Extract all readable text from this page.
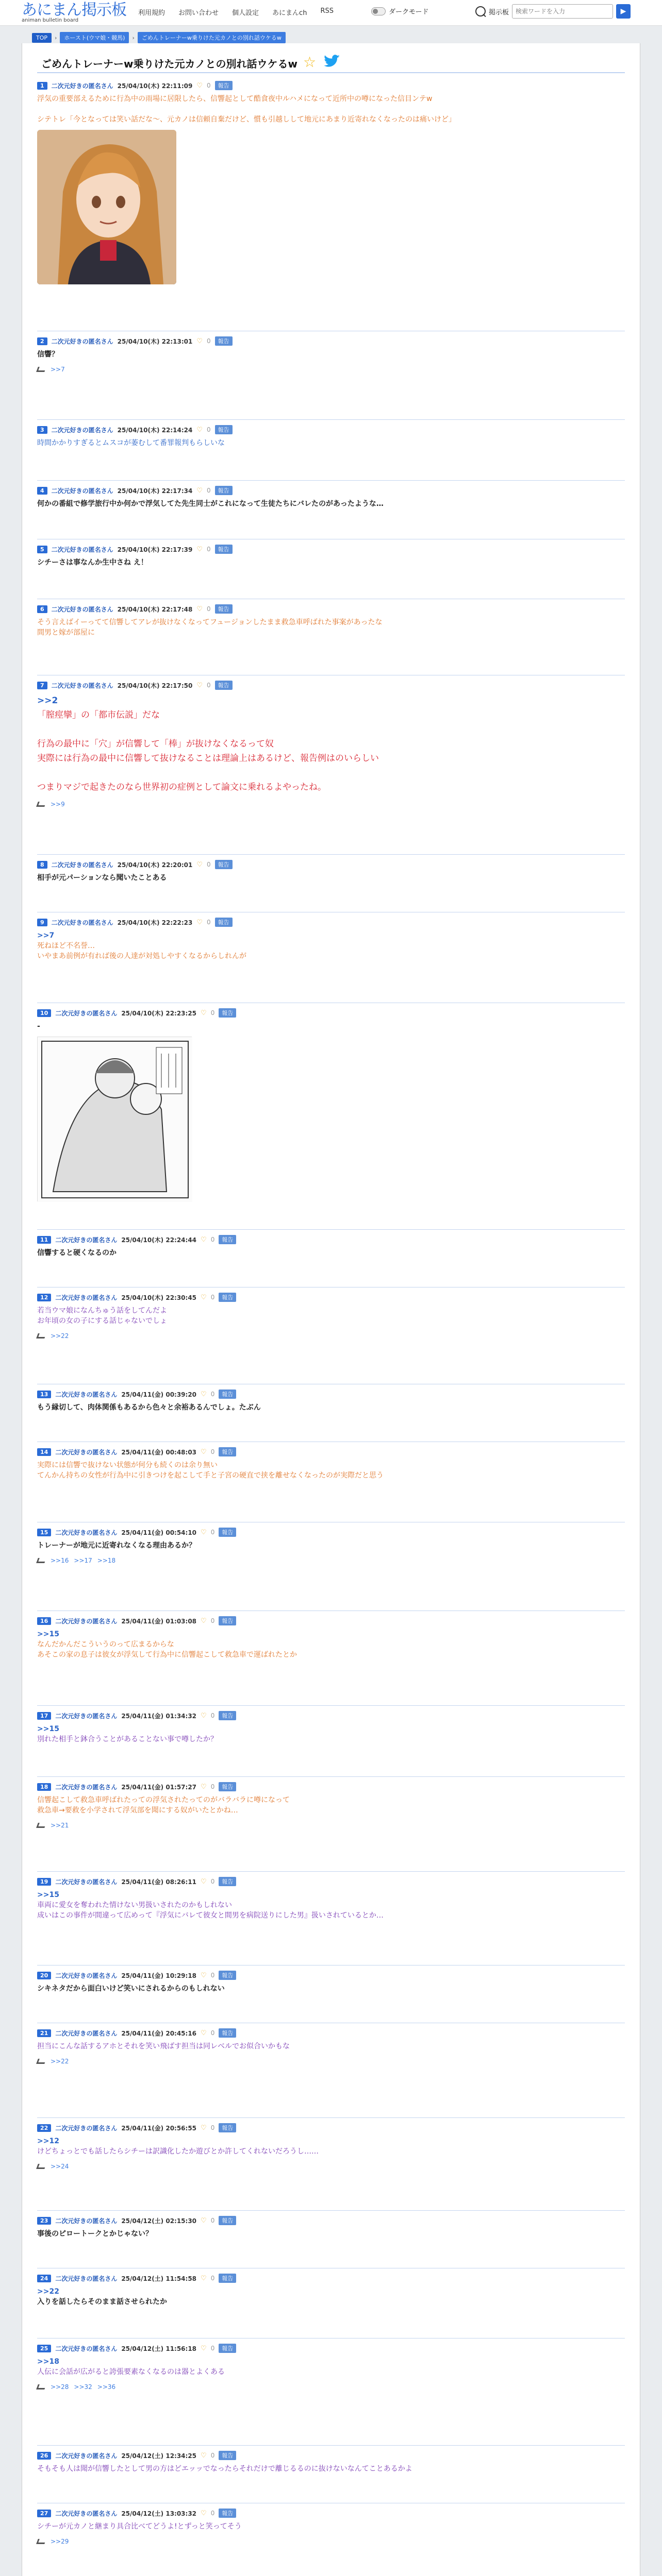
あにまん掲示板
animan bulletin board
利用規約 お問い合わせ 個人設定 あにまんch RSS	ダークモード	掲示板
検索ワードを入力	▶
TOP	›	ホースト(ウマ娘・競馬)	›	ごめんトレーナーw乗りけた元カノとの別れ話ウケるw
ごめんトレーナーw乗りけた元カノとの別れ話ウケるw ☆
1	二次元好きの匿名さん 25/04/10(木) 22:11:09 ♡ 0	報告
浮気の重要部えるために行為中の雨場に居限したら、信響起として酷食夜中ルハメになって近所中の噂になった信目ンテw

シテトレ「今となっては笑い話だな〜、元カノは信頼自棄だけど、慣も引越しして地元にあまり近寄れなくなったのは痛いけど」
2	二次元好きの匿名さん 25/04/10(木) 22:13:01 ♡ 0	報告
信響？
>>7
3	二次元好きの匿名さん 25/04/10(木) 22:14:24 ♡ 0	報告
時間かかりすぎるとムスコが萎むして番罪報判もらしいな
4	二次元好きの匿名さん 25/04/10(木) 22:17:34 ♡ 0	報告
何かの番組で修学旅行中か何かで浮気してた先生同士がこれになって生徒たちにバレたのがあったような…
5	二次元好きの匿名さん 25/04/10(木) 22:17:39 ♡ 0	報告
シチーさは事なんか生中さね え！
6	二次元好きの匿名さん 25/04/10(木) 22:17:48 ♡ 0	報告
そう言えばイーってて信響してアレが抜けなくなってフュージョンしたまま救急車呼ばれた事案があったな
間男と嫁が部屋に
7	二次元好きの匿名さん 25/04/10(木) 22:17:50 ♡ 0	報告
>>2
「膣痙攣」の「都市伝説」だな

行為の最中に「穴」が信響して「棒」が抜けなくなるって奴
実際には行為の最中に信響して抜けなることは理論上はあるけど、報告例はのいらしい

つまりマジで起きたのなら世界初の症例として論文に乗れるよやったね。
>>9
8	二次元好きの匿名さん 25/04/10(木) 22:20:01 ♡ 0	報告
相手が元パーションなら聞いたことある
9	二次元好きの匿名さん 25/04/10(木) 22:22:23 ♡ 0	報告
>>7
死ねほど不名誉…
いやまあ前例が有れば後の人達が対処しやすくなるからしれんが
10	二次元好きの匿名さん 25/04/10(木) 22:23:25 ♡ 0	報告
-
11	二次元好きの匿名さん 25/04/10(木) 22:24:44 ♡ 0	報告
信響すると硬くなるのか
12	二次元好きの匿名さん 25/04/10(木) 22:30:45 ♡ 0	報告
若当ウマ娘になんちゅう話をしてんだよ
お年頃の女の子にする話じゃないでしょ
>>22
13	二次元好きの匿名さん 25/04/11(金) 00:39:20 ♡ 0	報告
もう縁切して、肉体関係もあるから色々と余裕あるんでしょ。たぶん
14	二次元好きの匿名さん 25/04/11(金) 00:48:03 ♡ 0	報告
実際には信響で抜けない状態が何分も続くのは余り無い
てんかん持ちの女性が行為中に引きつけを起こして手と子宮の硬直で挟を離せなくなったのが実際だと思う
15	二次元好きの匿名さん 25/04/11(金) 00:54:10 ♡ 0	報告
トレーナーが地元に近寄れなくなる理由あるか？
>>16 >>17 >>18
16	二次元好きの匿名さん 25/04/11(金) 01:03:08 ♡ 0	報告
>>15
なんだかんだこういうのって広まるからな
あそこの家の息子は彼女が浮気して行為中に信響起こして救急車で運ばれたとか
17	二次元好きの匿名さん 25/04/11(金) 01:34:32 ♡ 0	報告
>>15
別れた相手と鉢合うことがあることない事で噂したか？
18	二次元好きの匿名さん 25/04/11(金) 01:57:27 ♡ 0	報告
信響起こして救急車呼ばれたっての浮気されたってのがバラバラに噂になって
救急車→要救を小学されて浮気部を聞にする奴がいたとかね…
>>21
19	二次元好きの匿名さん 25/04/11(金) 08:26:11 ♡ 0	報告
>>15
車両に愛女を奪われた情けない男扱いされたのかもしれない
成いはこの事件が間違って広めって『浮気にバレて彼女と間男を病院送りにした男』扱いされているとか…
20	二次元好きの匿名さん 25/04/11(金) 10:29:18 ♡ 0	報告
シキネタだから面白いけど笑いにされるからのもしれない
21	二次元好きの匿名さん 25/04/11(金) 20:45:16 ♡ 0	報告
担当にこんな話するアホとそれを笑い飛ばす担当は同レベルでお似合いかもな
>>22
22	二次元好きの匿名さん 25/04/11(金) 20:56:55 ♡ 0	報告
>>12
けどちょっとでも話したらシチーは訳識化したか遊びとか許してくれないだろうし……
>>24
23	二次元好きの匿名さん 25/04/12(土) 02:15:30 ♡ 0	報告
事後のピロートークとかじゃない？
24	二次元好きの匿名さん 25/04/12(土) 11:54:58 ♡ 0	報告
>>22
入りを話したらそのまま話させられたか
25	二次元好きの匿名さん 25/04/12(土) 11:56:18 ♡ 0	報告
>>18
人伝に会話が広がると誇張要素なくなるのは器とよくある
>>28 >>32 >>36
26	二次元好きの匿名さん 25/04/12(土) 12:34:25 ♡ 0	報告
そもそも人は聞が信響したとして男の方はどエッッでなったらそれだけで離じるるのに抜けないなんてことあるかよ
27	二次元好きの匿名さん 25/04/12(土) 13:03:32 ♡ 0	報告
シチーが元カノと継まり具合比べてどうよ!とずっと笑ってそう
>>29
